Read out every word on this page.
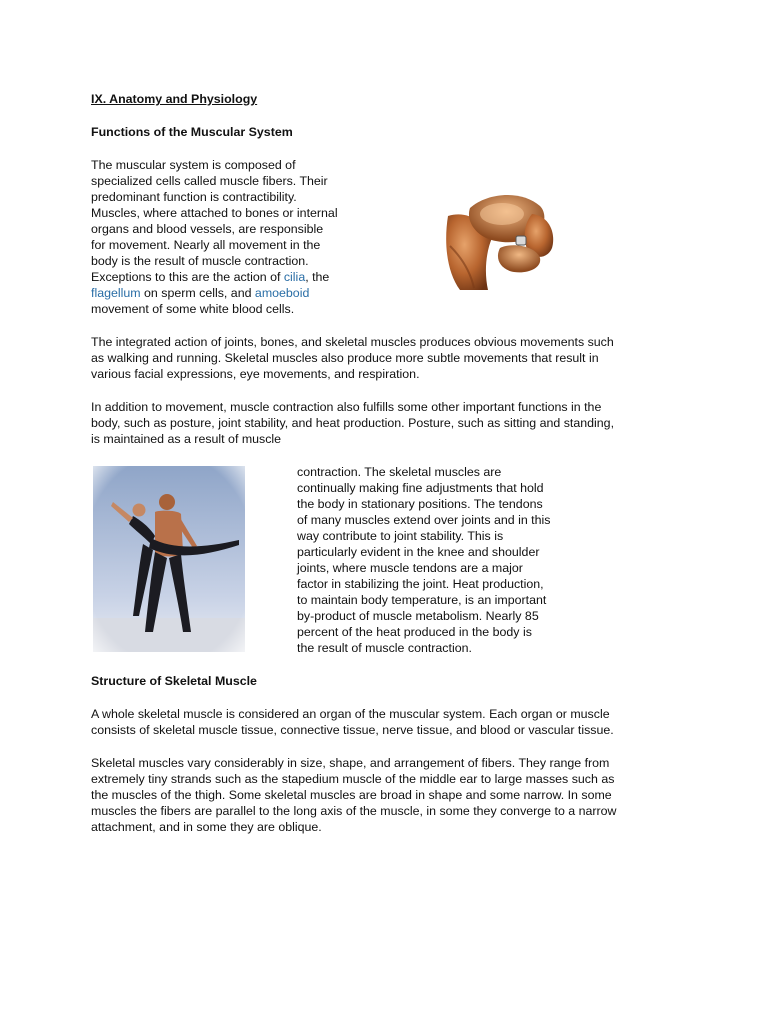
IX. Anatomy and Physiology
Functions of the Muscular System
The muscular system is composed of
specialized cells called muscle fibers. Their
predominant function is contractibility.
Muscles, where attached to bones or internal
organs and blood vessels, are responsible
for movement. Nearly all movement in the
body is the result of muscle contraction.
Exceptions to this are the action of cilia, the
flagellum on sperm cells, and amoeboid
movement of some white blood cells.
The integrated action of joints, bones, and skeletal muscles produces obvious movements such
as walking and running. Skeletal muscles also produce more subtle movements that result in
various facial expressions, eye movements, and respiration.
In addition to movement, muscle contraction also fulfills some other important functions in the
body, such as posture, joint stability, and heat production. Posture, such as sitting and standing,
is maintained as a result of muscle
contraction. The skeletal muscles are
continually making fine adjustments that hold
the body in stationary positions. The tendons
of many muscles extend over joints and in this
way contribute to joint stability. This is
particularly evident in the knee and shoulder
joints, where muscle tendons are a major
factor in stabilizing the joint. Heat production,
to maintain body temperature, is an important
by-product of muscle metabolism. Nearly 85
percent of the heat produced in the body is
the result of muscle contraction.
Structure of Skeletal Muscle
A whole skeletal muscle is considered an organ of the muscular system. Each organ or muscle
consists of skeletal muscle tissue, connective tissue, nerve tissue, and blood or vascular tissue.
Skeletal muscles vary considerably in size, shape, and arrangement of fibers. They range from
extremely tiny strands such as the stapedium muscle of the middle ear to large masses such as
the muscles of the thigh. Some skeletal muscles are broad in shape and some narrow. In some
muscles the fibers are parallel to the long axis of the muscle, in some they converge to a narrow
attachment, and in some they are oblique.
